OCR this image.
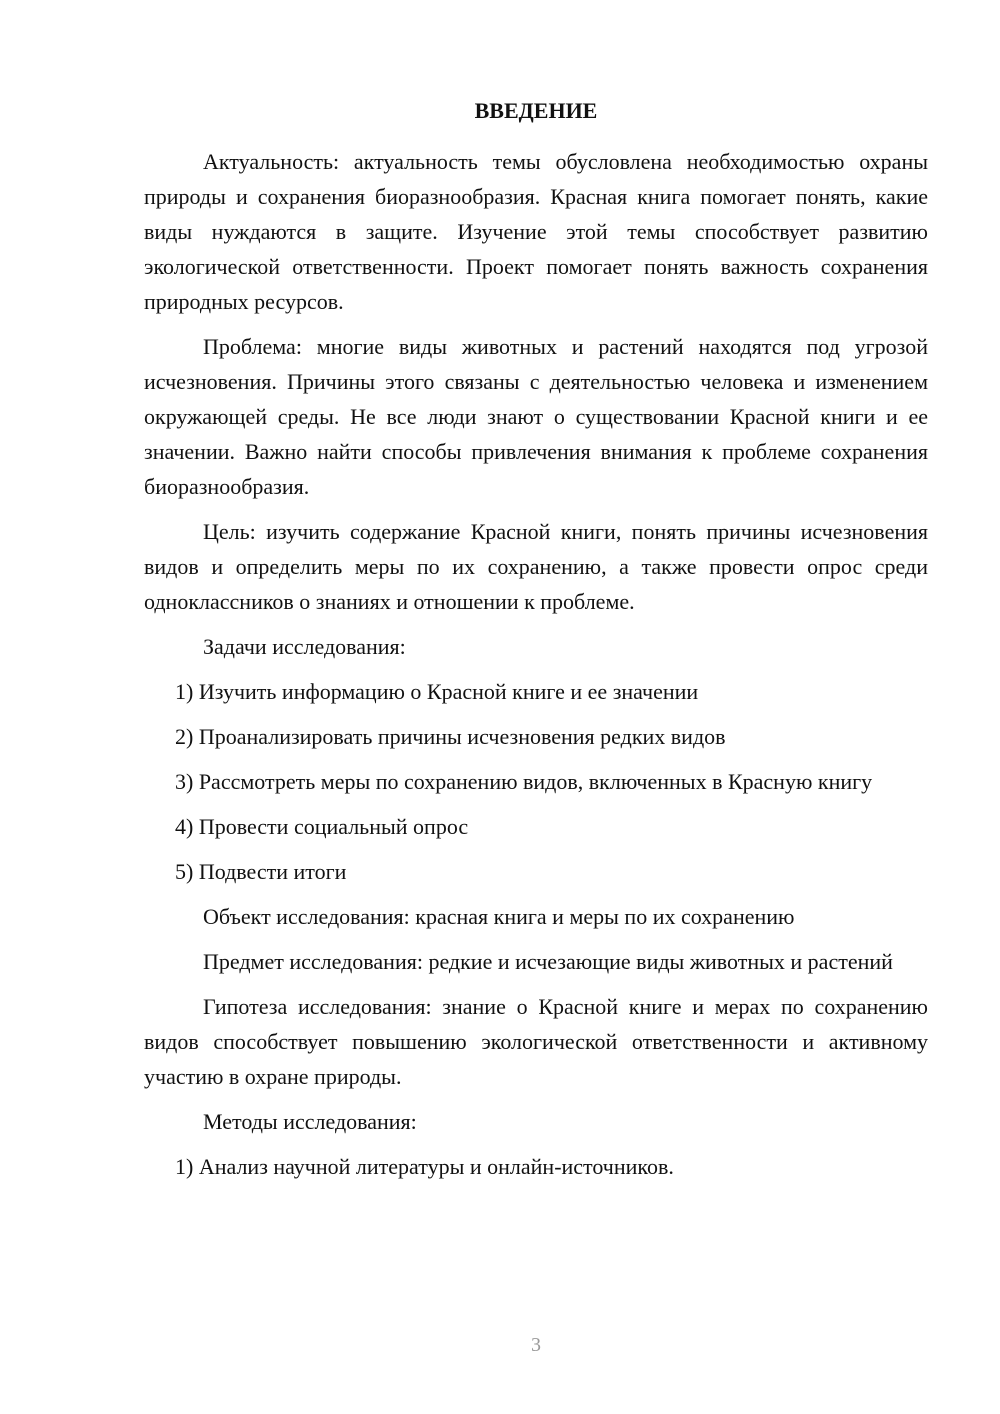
ВВЕДЕНИЕ

Актуальность: актуальность темы обусловлена необходимостью охраны природы и сохранения биоразнообразия. Красная книга помогает понять, какие виды нуждаются в защите. Изучение этой темы способствует развитию экологической ответственности. Проект помогает понять важность сохранения природных ресурсов.

Проблема: многие виды животных и растений находятся под угрозой исчезновения. Причины этого связаны с деятельностью человека и изменением окружающей среды. Не все люди знают о существовании Красной книги и ее значении. Важно найти способы привлечения внимания к проблеме сохранения биоразнообразия.

Цель: изучить содержание Красной книги, понять причины исчезновения видов и определить меры по их сохранению, а также провести опрос среди одноклассников о знаниях и отношении к проблеме.

Задачи исследования:

1) Изучить информацию о Красной книге и ее значении

2) Проанализировать причины исчезновения редких видов

3) Рассмотреть меры по сохранению видов, включенных в Красную книгу

4) Провести социальный опрос

5) Подвести итоги

Объект исследования: красная книга и меры по их сохранению

Предмет исследования: редкие и исчезающие виды животных и растений

Гипотеза исследования: знание о Красной книге и мерах по сохранению видов способствует повышению экологической ответственности и активному участию в охране природы.

Методы исследования:

1) Анализ научной литературы и онлайн-источников.

3
